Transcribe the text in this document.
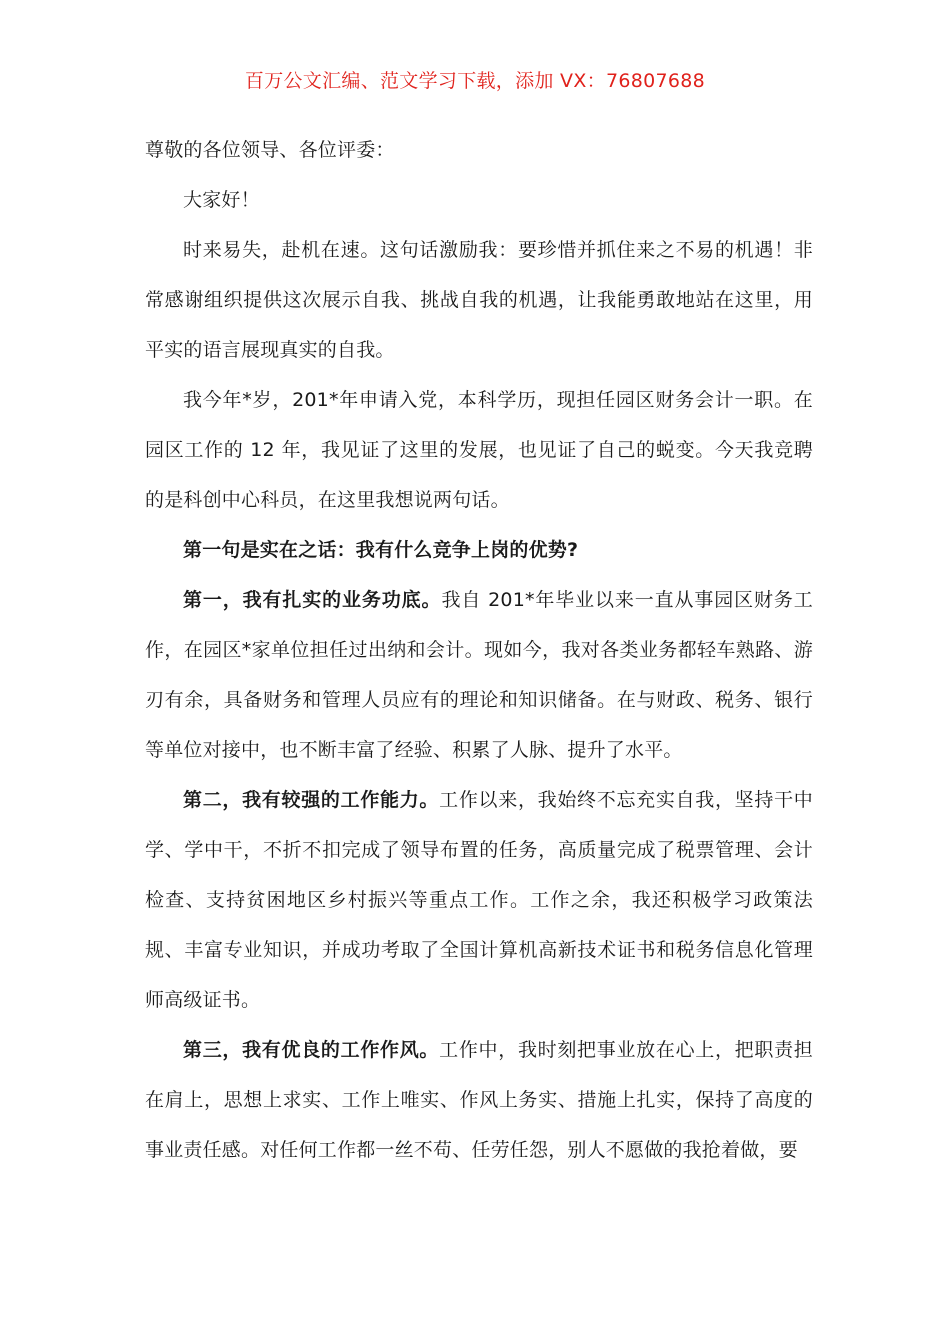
百万公文汇编、范文学习下载，添加 VX：76807688

尊敬的各位领导、各位评委：

大家好！

时来易失，赴机在速。这句话激励我：要珍惜并抓住来之不易的机遇！非常感谢组织提供这次展示自我、挑战自我的机遇，让我能勇敢地站在这里，用平实的语言展现真实的自我。

我今年*岁，201*年申请入党，本科学历，现担任园区财务会计一职。在园区工作的 12 年，我见证了这里的发展，也见证了自己的蜕变。今天我竞聘的是科创中心科员，在这里我想说两句话。

第一句是实在之话：我有什么竞争上岗的优势?

第一，我有扎实的业务功底。我自 201*年毕业以来一直从事园区财务工作，在园区*家单位担任过出纳和会计。现如今，我对各类业务都轻车熟路、游刃有余，具备财务和管理人员应有的理论和知识储备。在与财政、税务、银行等单位对接中，也不断丰富了经验、积累了人脉、提升了水平。

第二，我有较强的工作能力。工作以来，我始终不忘充实自我，坚持干中学、学中干，不折不扣完成了领导布置的任务，高质量完成了税票管理、会计检查、支持贫困地区乡村振兴等重点工作。工作之余，我还积极学习政策法规、丰富专业知识，并成功考取了全国计算机高新技术证书和税务信息化管理师高级证书。

第三，我有优良的工作作风。工作中，我时刻把事业放在心上，把职责担在肩上，思想上求实、工作上唯实、作风上务实、措施上扎实，保持了高度的事业责任感。对任何工作都一丝不苟、任劳任怨，别人不愿做的我抢着做，要
